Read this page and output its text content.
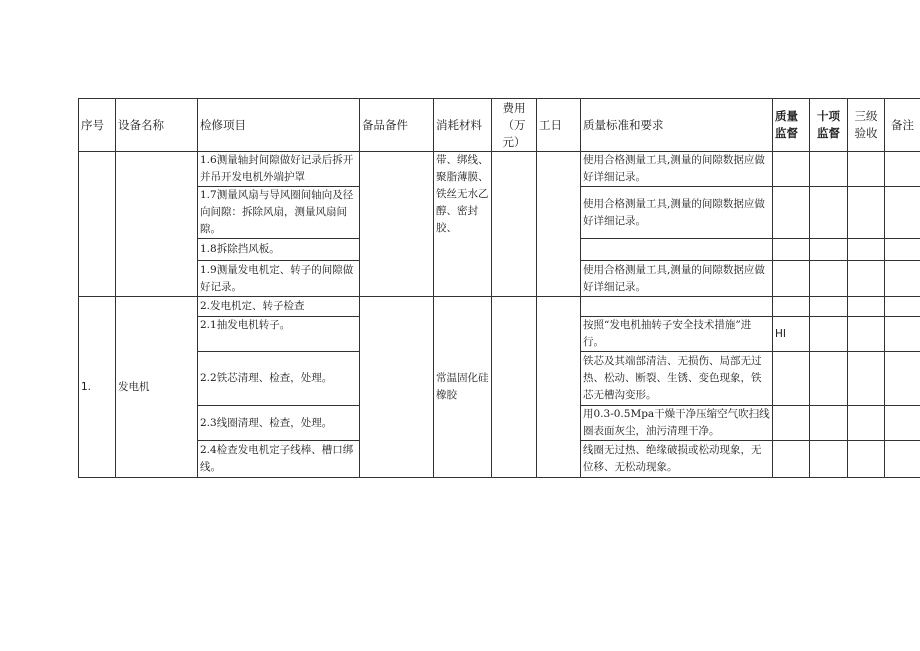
序号	设备名称	检修项目	备品备件	消耗材料	费用（万元）	工日	质量标准和要求	质量监督	十项监督	三级验收	备注
		1.6测量轴封间隙做好记录后拆开并吊开发电机外端护罩		带、绑线、聚脂薄膜、铁丝无水乙醇、密封胶、			使用合格测量工具,测量的间隙数据应做好详细记录。				
		1.7测量风扇与导风圈间轴向及径向间隙：拆除风扇，测量风扇间隙。					使用合格测量工具,测量的间隙数据应做好详细记录。				
		1.8拆除挡风板。									
		1.9测量发电机定、转子的间隙做好记录。					使用合格测量工具,测量的间隙数据应做好详细记录。				
1.	发电机	2.发电机定、转子检查		常温固化硅橡胶							
		2.1抽发电机转子。					按照“发电机抽转子安全技术措施”进行。	HI			
		2.2铁芯清理、检查，处理。					铁芯及其端部清洁、无损伤、局部无过热、松动、断裂、生锈、变色现象，铁芯无槽沟变形。				
		2.3线圈清理、检查，处理。					用0.3-0.5Mpa干燥干净压缩空气吹扫线圈表面灰尘，油污清理干净。				
		2.4检查发电机定子线棒、槽口绑线。					线圈无过热、绝缘破损或松动现象，无位移、无松动现象。				
